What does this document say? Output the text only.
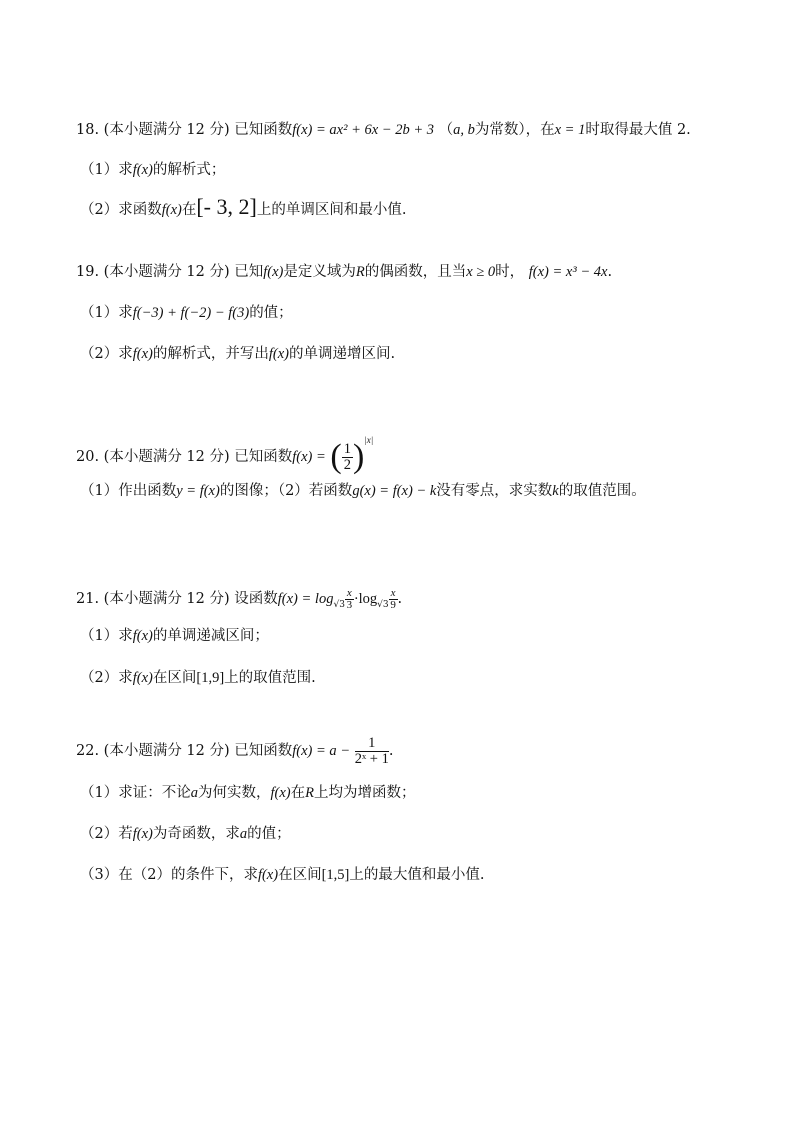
18. (本小题满分 12 分) 已知函数f(x) = ax² + 6x − 2b + 3 （a, b为常数），在x = 1时取得最大值 2.
（1）求f(x)的解析式；
（2）求函数f(x)在[- 3, 2]上的单调区间和最小值.
19. (本小题满分 12 分) 已知f(x)是定义域为R的偶函数，且当x ≥ 0时， f(x) = x³ − 4x.
（1）求f(−3) + f(−2) − f(3)的值；
（2）求f(x)的解析式，并写出f(x)的单调递增区间.
20. (本小题满分 12 分) 已知函数f(x) = ( $\frac{1}{2} )^{|x|}$
（1）作出函数y = f(x)的图像；（2）若函数g(x) = f(x) − k没有零点，求实数k的取值范围。
21. (本小题满分 12 分) 设函数$f(x) = \log_{√3} \frac{x}{3} \cdot\log_{√3} \frac{x}{9}$ .
（1）求f(x)的单调递减区间；
（2）求f(x)在区间[1,9]上的取值范围.
22. (本小题满分 12 分) 已知函数$f(x) = a - \frac{1}{\text{2ˣ + 1}}$ .
（1）求证：不论a为何实数，f(x)在R上均为增函数；
（2）若f(x)为奇函数，求a的值；
（3）在（2）的条件下，求f(x)在区间[1,5]上的最大值和最小值.
